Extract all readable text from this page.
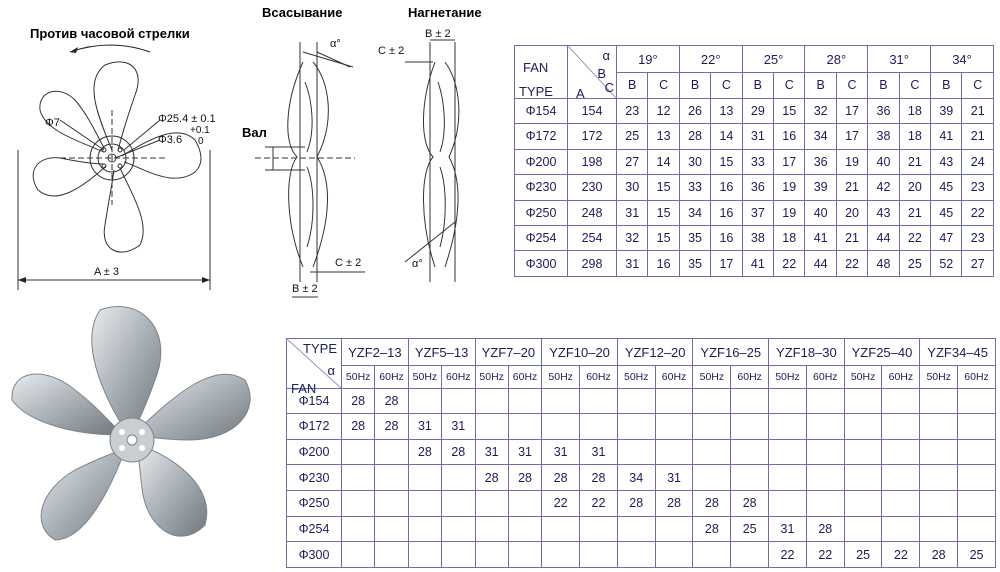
Против часовой стрелки
Φ7	Φ25.4 ± 0.1
Φ3.6
+0.1
0
A ± 3
Всасывание	Нагнетание
Вал
α°
C ± 2
B ± 2
B ± 2
C ± 2
α°
FAN
TYPE	α
B
C
A	19°		22°		25°		28°		31°		34°	
		B	C	B	C	B	C	B	C	B	C	B	C
Φ154	154	23	12	26	13	29	15	32	17	36	18	39	21
Φ172	172	25	13	28	14	31	16	34	17	38	18	41	21
Φ200	198	27	14	30	15	33	17	36	19	40	21	43	24
Φ230	230	30	15	33	16	36	19	39	21	42	20	45	23
Φ250	248	31	15	34	16	37	19	40	20	43	21	45	22
Φ254	254	32	15	35	16	38	18	41	21	44	22	47	23
Φ300	298	31	16	35	17	41	22	44	22	48	25	52	27
TYPE
α
FAN	YZF2–13		YZF5–13		YZF7–20		YZF10–20		YZF12–20		YZF16–25		YZF18–30		YZF25–40		YZF34–45	
	50Hz	60Hz	50Hz	60Hz	50Hz	60Hz	50Hz	60Hz	50Hz	60Hz	50Hz	60Hz	50Hz	60Hz	50Hz	60Hz	50Hz	60Hz
Φ154	28	28																
Φ172	28	28	31	31														
Φ200			28	28	31	31	31	31										
Φ230					28	28	28	28	34	31								
Φ250							22	22	28	28	28	28						
Φ254											28	25	31	28				
Φ300													22	22	25	22	28	25
